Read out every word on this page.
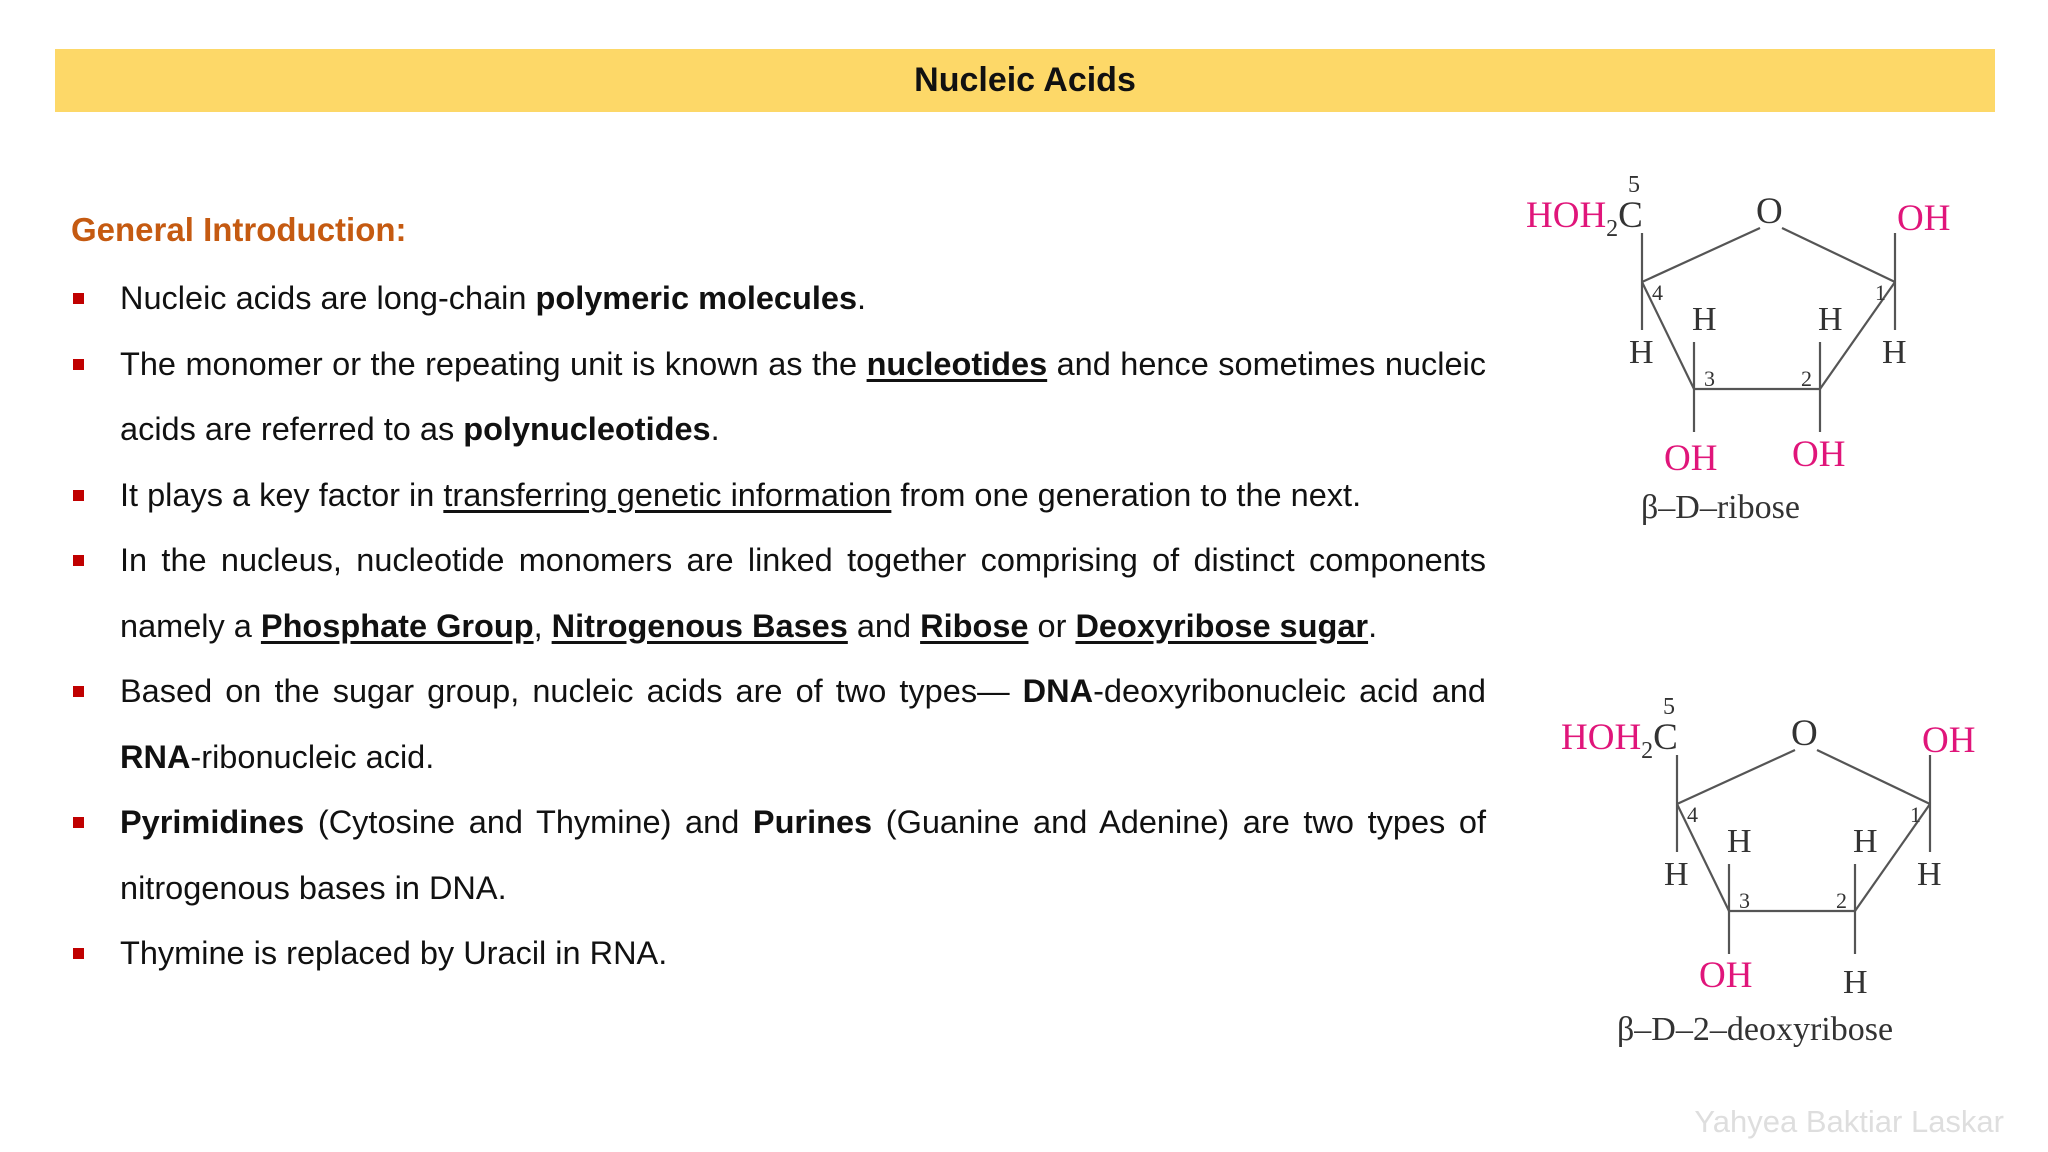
Nucleic Acids
General Introduction:
Nucleic acids are long-chain polymeric molecules.
The monomer or the repeating unit is known as the nucleotides and hence sometimes nucleic acids are referred to as polynucleotides.
It plays a key factor in transferring genetic information from one generation to the next.
In the nucleus, nucleotide monomers are linked together comprising of distinct components namely a Phosphate Group, Nitrogenous Bases and Ribose or Deoxyribose sugar.
Based on the sugar group, nucleic acids are of two types— DNA-deoxyribonucleic acid and RNA-ribonucleic acid.
Pyrimidines (Cytosine and Thymine) and Purines (Guanine and Adenine) are two types of nitrogenous bases in DNA.
Thymine is replaced by Uracil in RNA.
5
$HOH_2C$	O	OH
4	1
3	2
H	H
H	H
OH OH
β–D–ribose
5
$HOH_2C$	O	OH
4	1
3	2
H	H
H	H
OH	H
β–D–2–deoxyribose
Yahyea Baktiar Laskar
